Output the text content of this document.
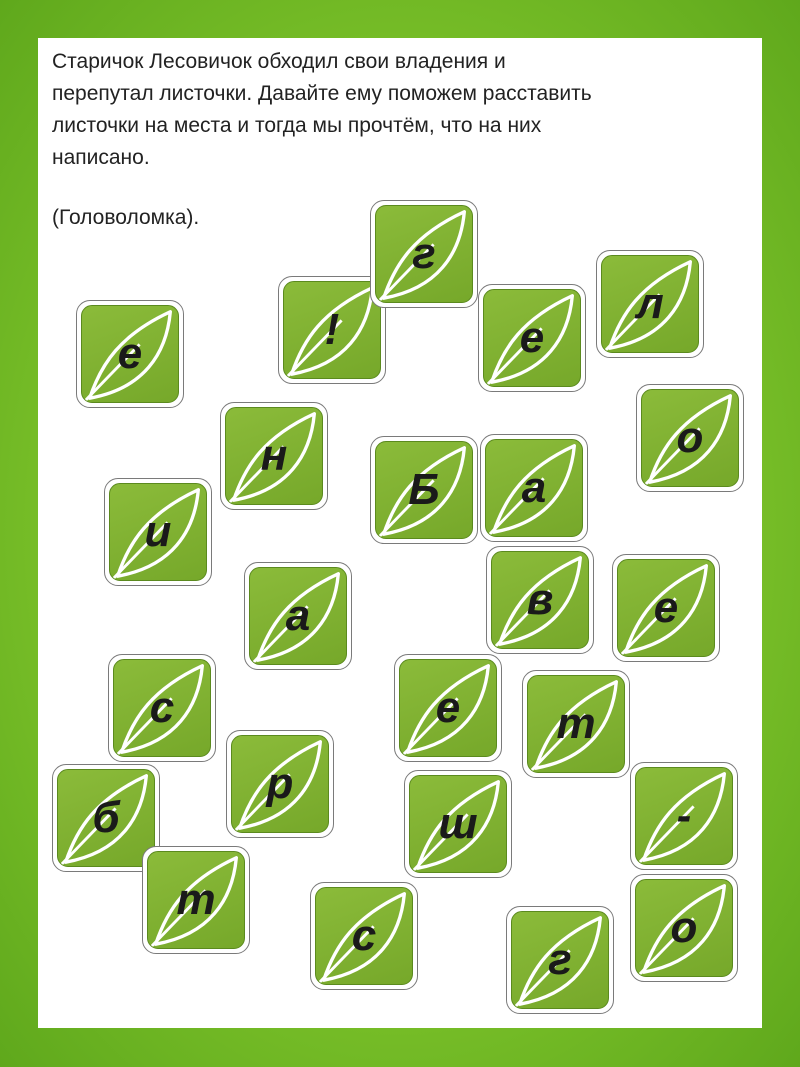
Старичок Лесовичок обходил свои владения и

перепутал листочки. Давайте ему поможем расставить

листочки на места и тогда мы прочтём, что на них

написано.

(Головоломка).

е	!
г
е
л
н
Б	а
о
и
а	в	е
с	е	т
б
р
ш	-
т
с	о
г
